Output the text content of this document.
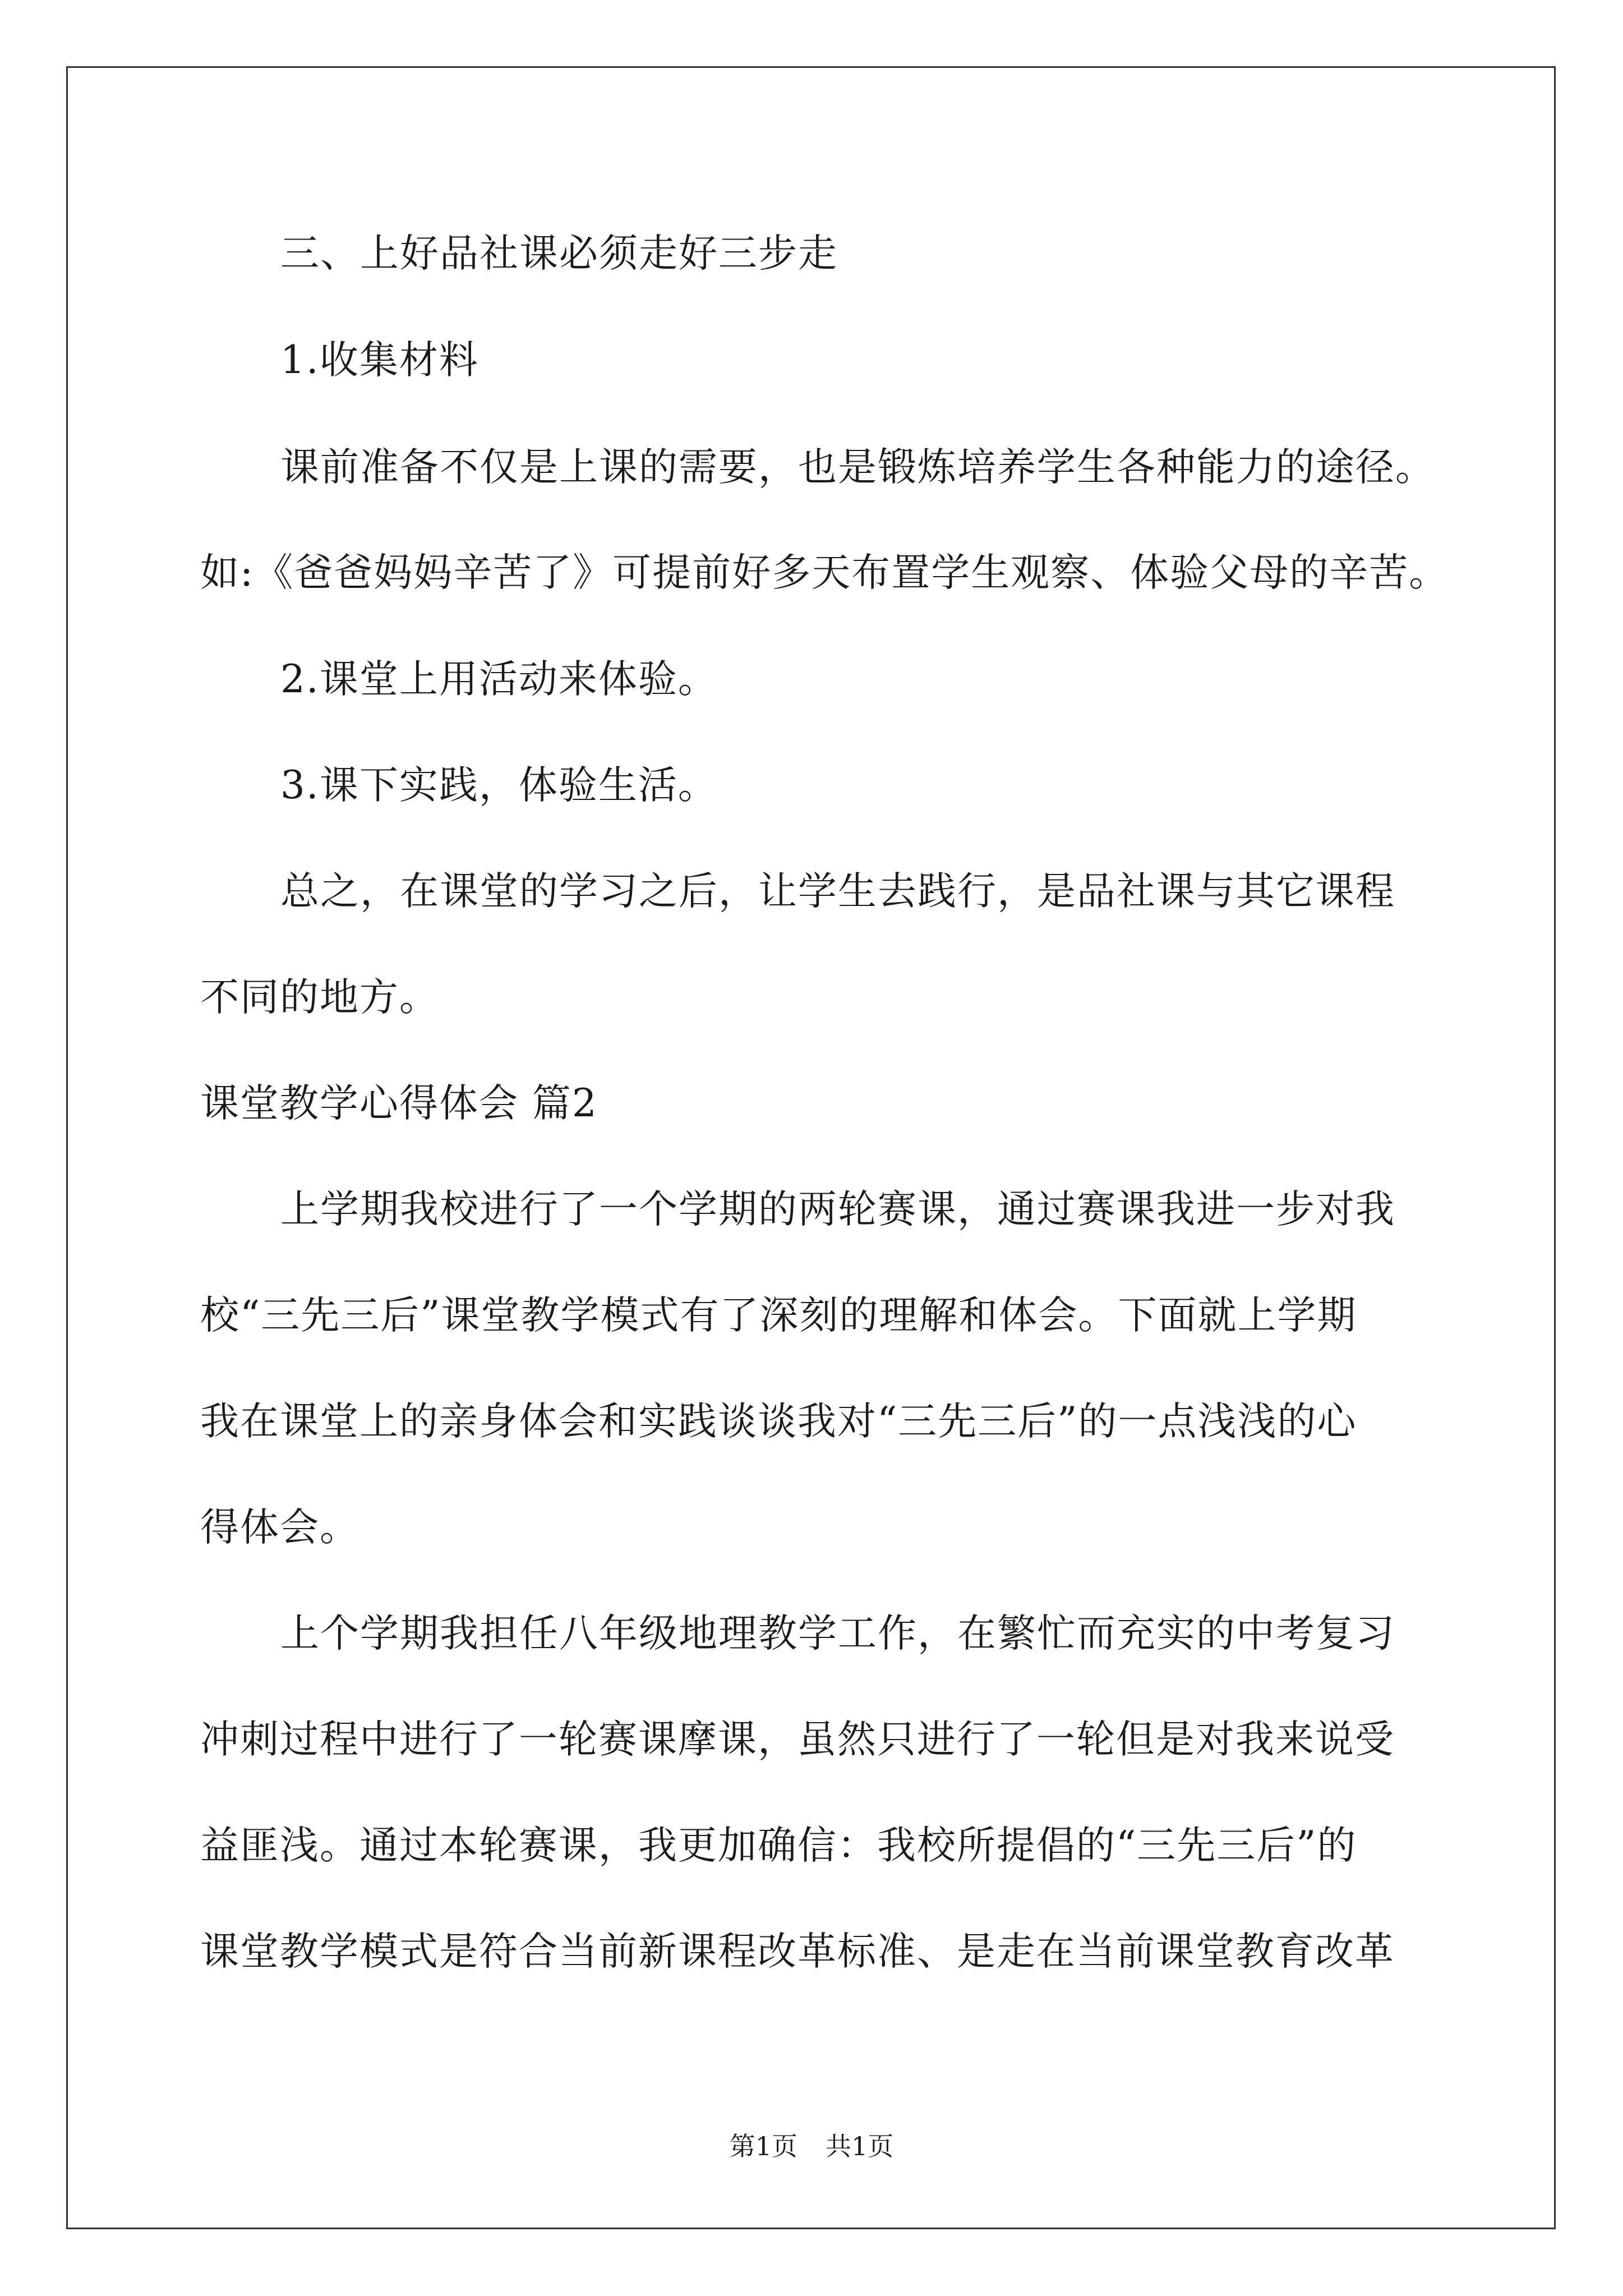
三、上好品社课必须走好三步走
1.收集材料
课前准备不仅是上课的需要，也是锻炼培养学生各种能力的途径。
如:《爸爸妈妈辛苦了》可提前好多天布置学生观察、体验父母的辛苦。
2.课堂上用活动来体验。
3.课下实践，体验生活。
总之，在课堂的学习之后，让学生去践行，是品社课与其它课程
不同的地方。
课堂教学心得体会 篇2
上学期我校进行了一个学期的两轮赛课，通过赛课我进一步对我
校“三先三后”课堂教学模式有了深刻的理解和体会。下面就上学期
我在课堂上的亲身体会和实践谈谈我对“三先三后”的一点浅浅的心
得体会。
上个学期我担任八年级地理教学工作，在繁忙而充实的中考复习
冲刺过程中进行了一轮赛课摩课，虽然只进行了一轮但是对我来说受
益匪浅。通过本轮赛课，我更加确信：我校所提倡的“三先三后”的
课堂教学模式是符合当前新课程改革标准、是走在当前课堂教育改革
第1页 共1页
